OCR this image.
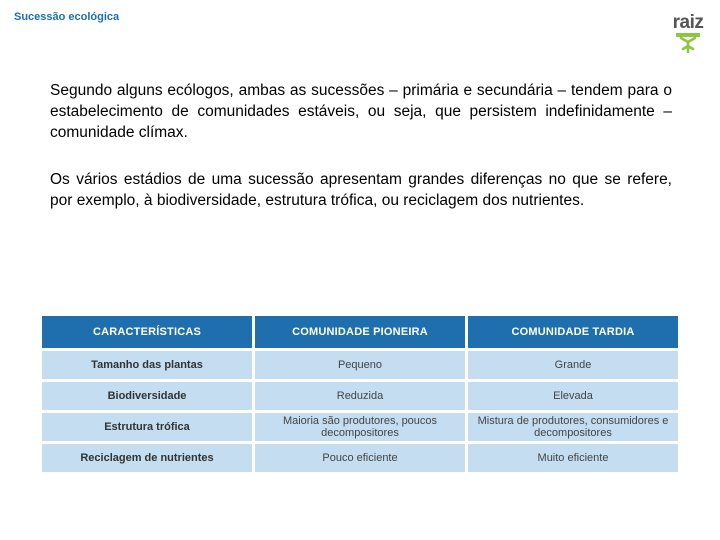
Sucessão ecológica	raiz

Segundo alguns ecólogos, ambas as sucessões – primária e secundária – tendem para o estabelecimento de comunidades estáveis, ou seja, que persistem indefinidamente – comunidade clímax.

Os vários estádios de uma sucessão apresentam grandes diferenças no que se refere, por exemplo, à biodiversidade, estrutura trófica, ou reciclagem dos nutrientes.

CARACTERÍSTICAS	COMUNIDADE PIONEIRA	COMUNIDADE TARDIA
Tamanho das plantas	Pequeno	Grande
Biodiversidade	Reduzida	Elevada
Estrutura trófica	Maioria são produtores, poucos decompositores	Mistura de produtores, consumidores e decompositores
Reciclagem de nutrientes	Pouco eficiente	Muito eficiente
